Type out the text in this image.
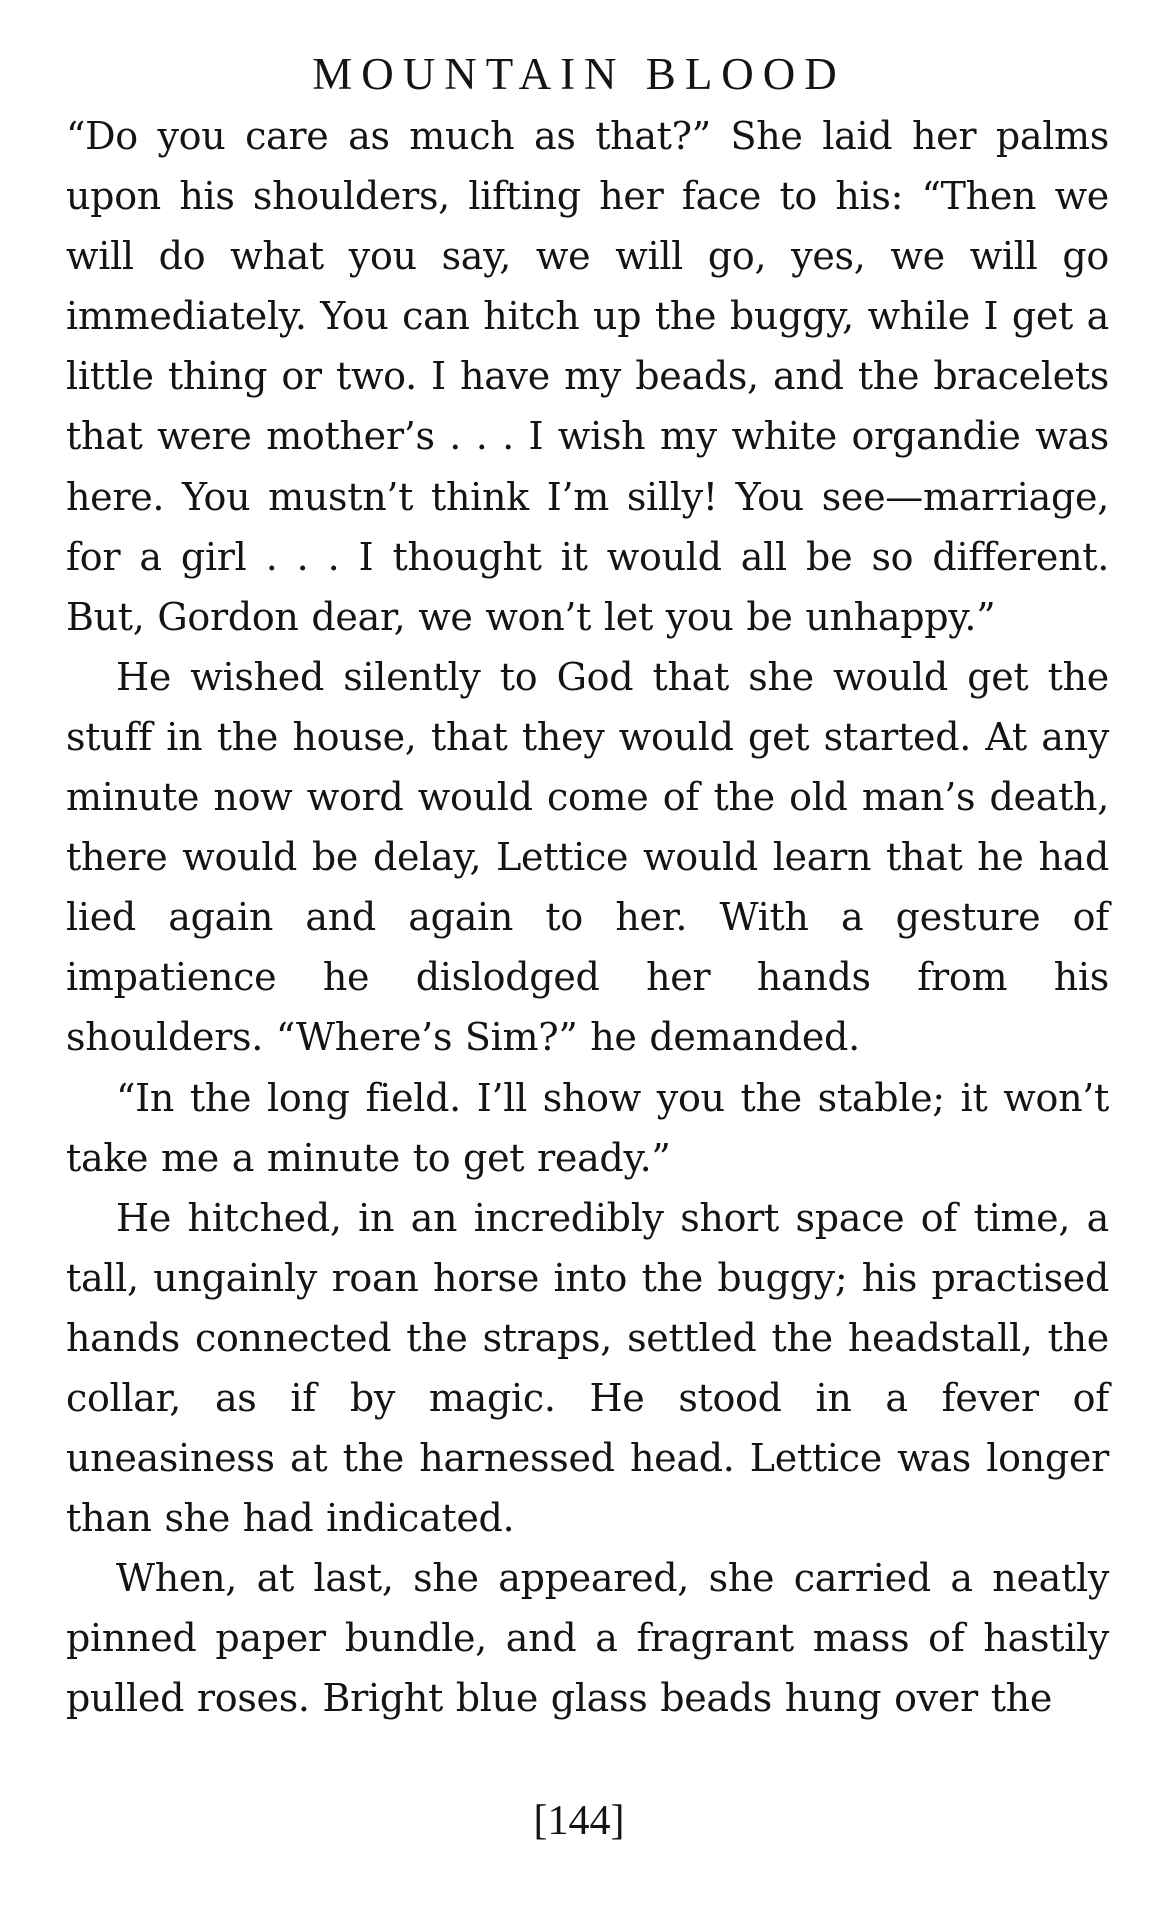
MOUNTAIN BLOOD

“Do you care as much as that?” She laid her palms upon his shoulders, lifting her face to his: “Then we will do what you say, we will go, yes, we will go immediately. You can hitch up the buggy, while I get a little thing or two. I have my beads, and the bracelets that were mother’s . . . I wish my white organdie was here. You mustn’t think I’m silly! You see—marriage, for a girl . . . I thought it would all be so different. But, Gordon dear, we won’t let you be unhappy.”

He wished silently to God that she would get the stuff in the house, that they would get started. At any minute now word would come of the old man’s death, there would be delay, Lettice would learn that he had lied again and again to her. With a gesture of impatience he dislodged her hands from his shoulders. “Where’s Sim?” he demanded.

“In the long field. I’ll show you the stable; it won’t take me a minute to get ready.”

He hitched, in an incredibly short space of time, a tall, ungainly roan horse into the buggy; his practised hands connected the straps, settled the headstall, the collar, as if by magic. He stood in a fever of uneasiness at the harnessed head. Lettice was longer than she had indicated.

When, at last, she appeared, she carried a neatly pinned paper bundle, and a fragrant mass of hastily pulled roses. Bright blue glass beads hung over the

[144]
